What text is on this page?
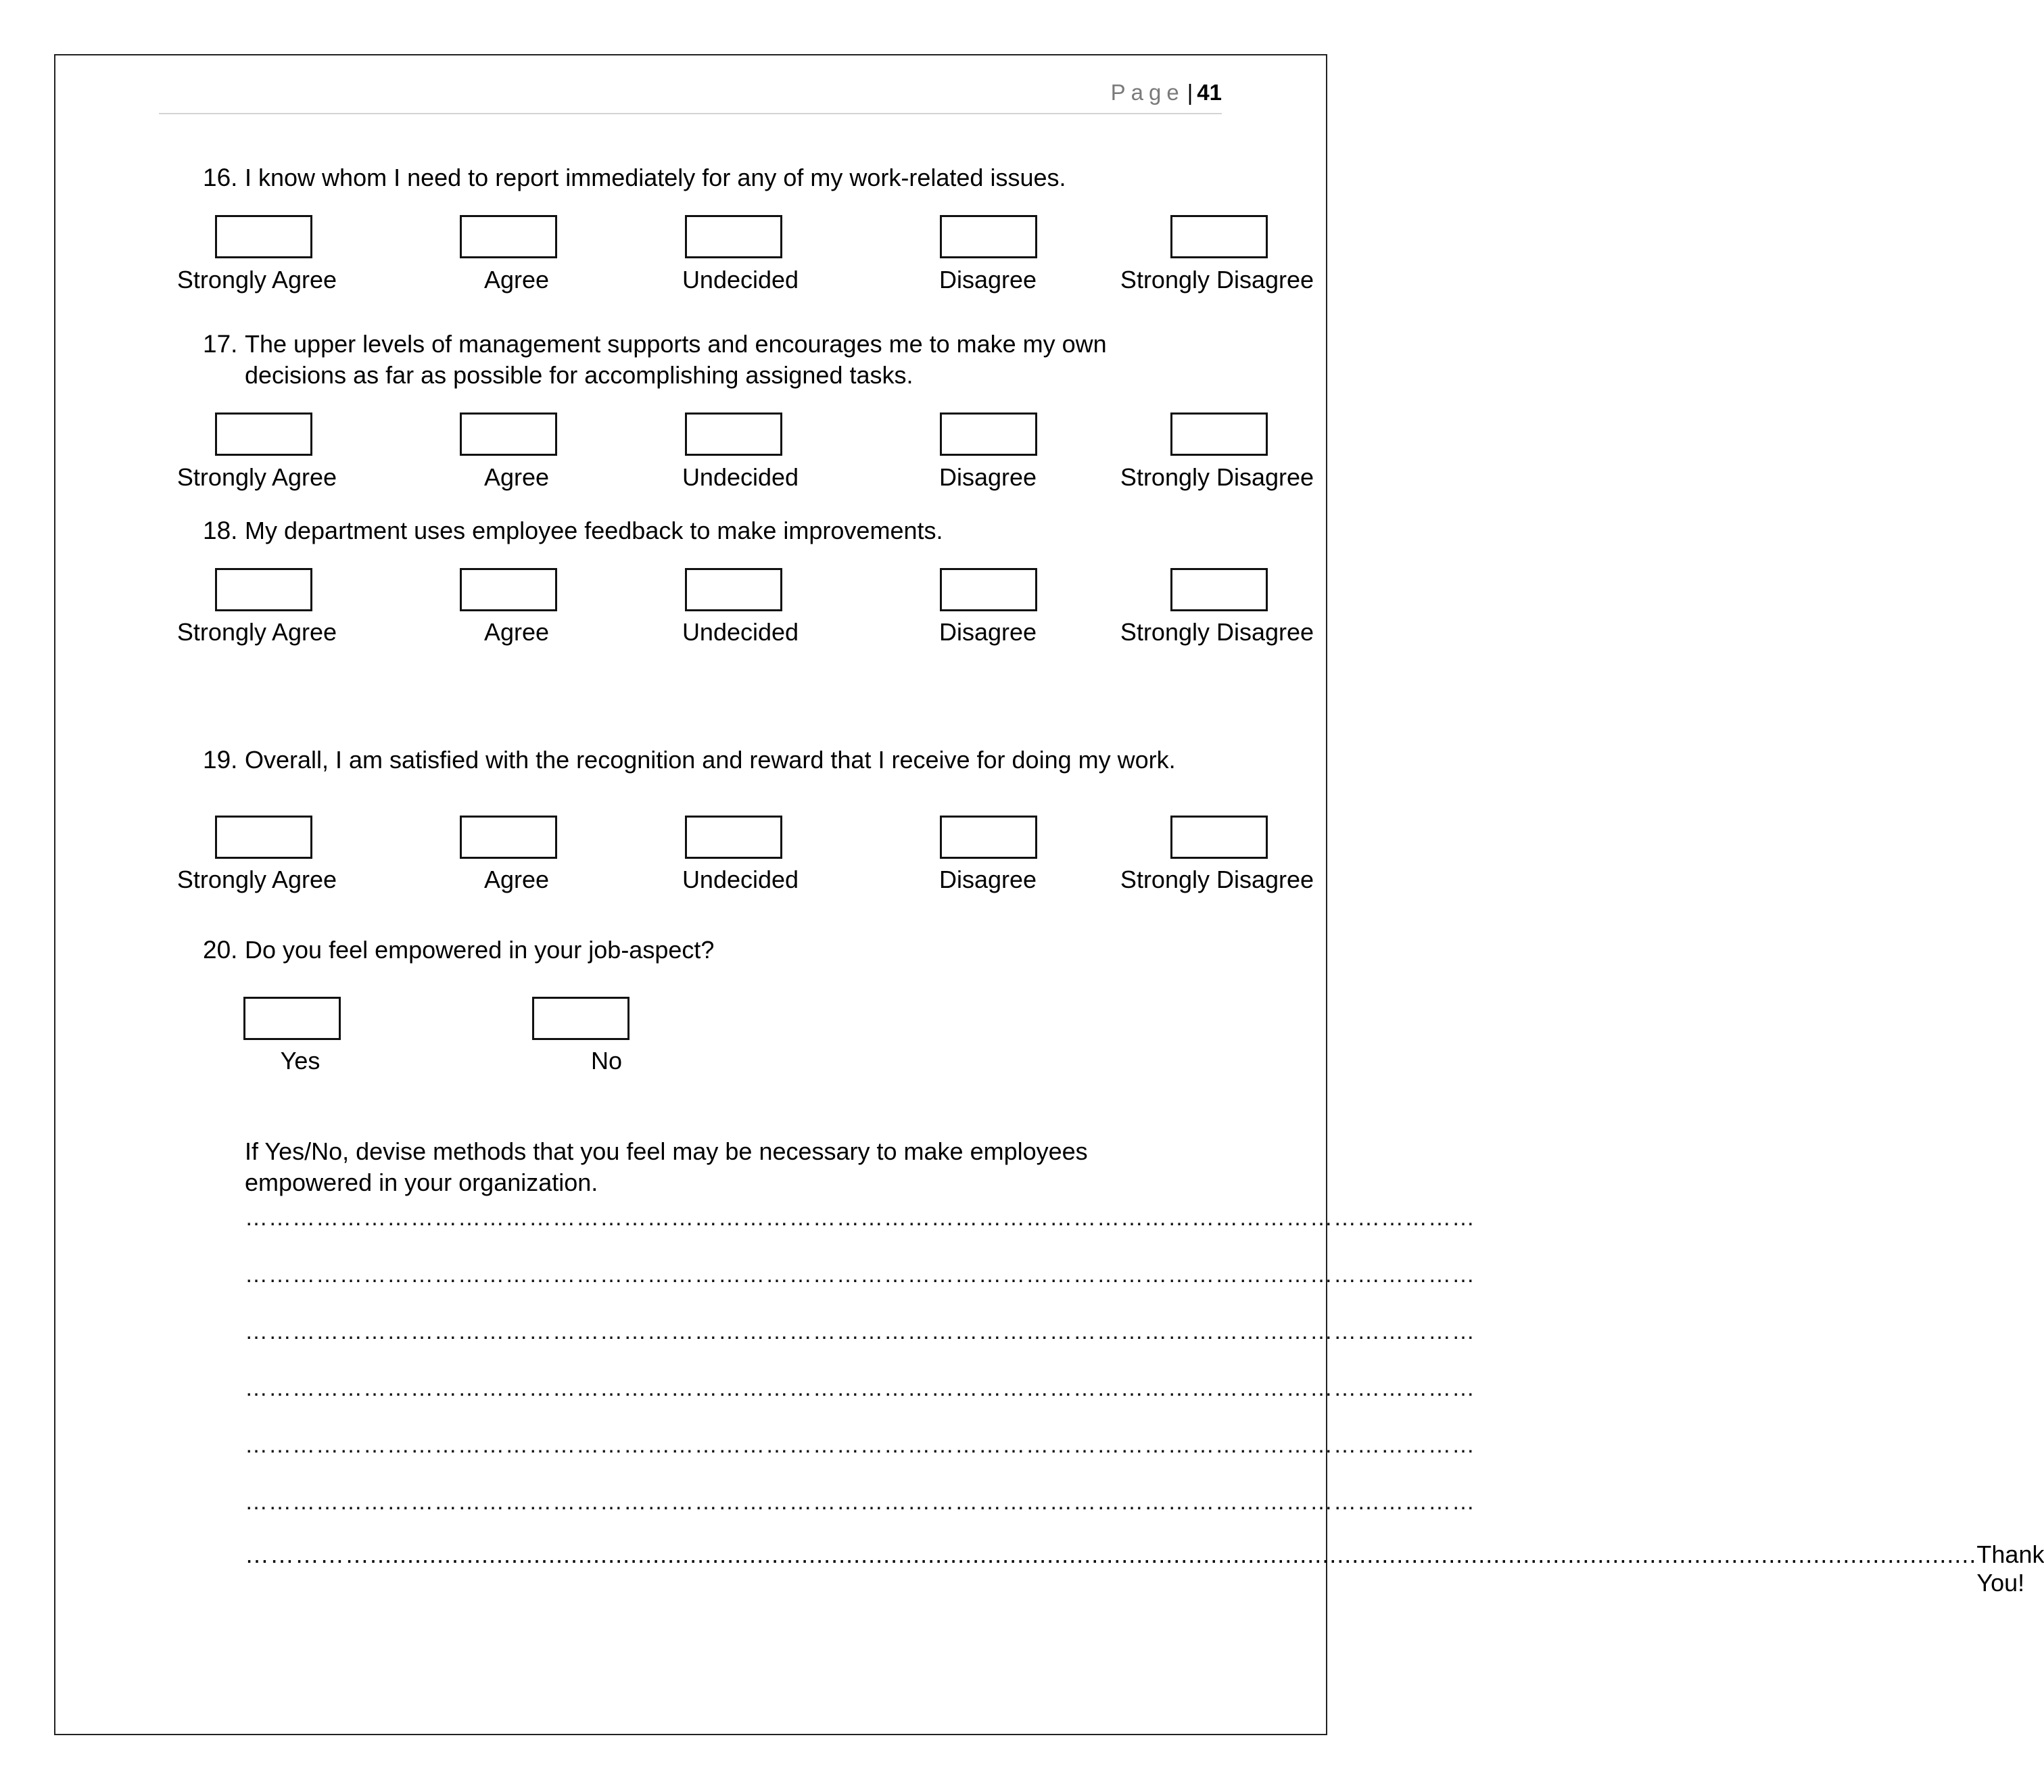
Page | 41
16. I know whom I need to report immediately for any of my work-related issues.
Strongly Agree	Agree	Undecided	Disagree	Strongly Disagree
17. The upper levels of management supports and encourages me to make my own decisions as far as possible for accomplishing assigned tasks.
Strongly Agree	Agree	Undecided	Disagree	Strongly Disagree
18. My department uses employee feedback to make improvements.
Strongly Agree	Agree	Undecided	Disagree	Strongly Disagree
19. Overall, I am satisfied with the recognition and reward that I receive for doing my work.
Strongly Agree	Agree	Undecided	Disagree	Strongly Disagree
20. Do you feel empowered in your job-aspect?
Yes	No
If Yes/No, devise methods that you feel may be necessary to make employees empowered in your organization.
…………………………………………………………………………………………………………………………………………
…………………………………………………………………………………………………………………………………………
…………………………………………………………………………………………………………………………………………
…………………………………………………………………………………………………………………………………………
…………………………………………………………………………………………………………………………………………
…………………………………………………………………………………………………………………………………………
……………........................................................................................................................................................................................................................ Thank You!
